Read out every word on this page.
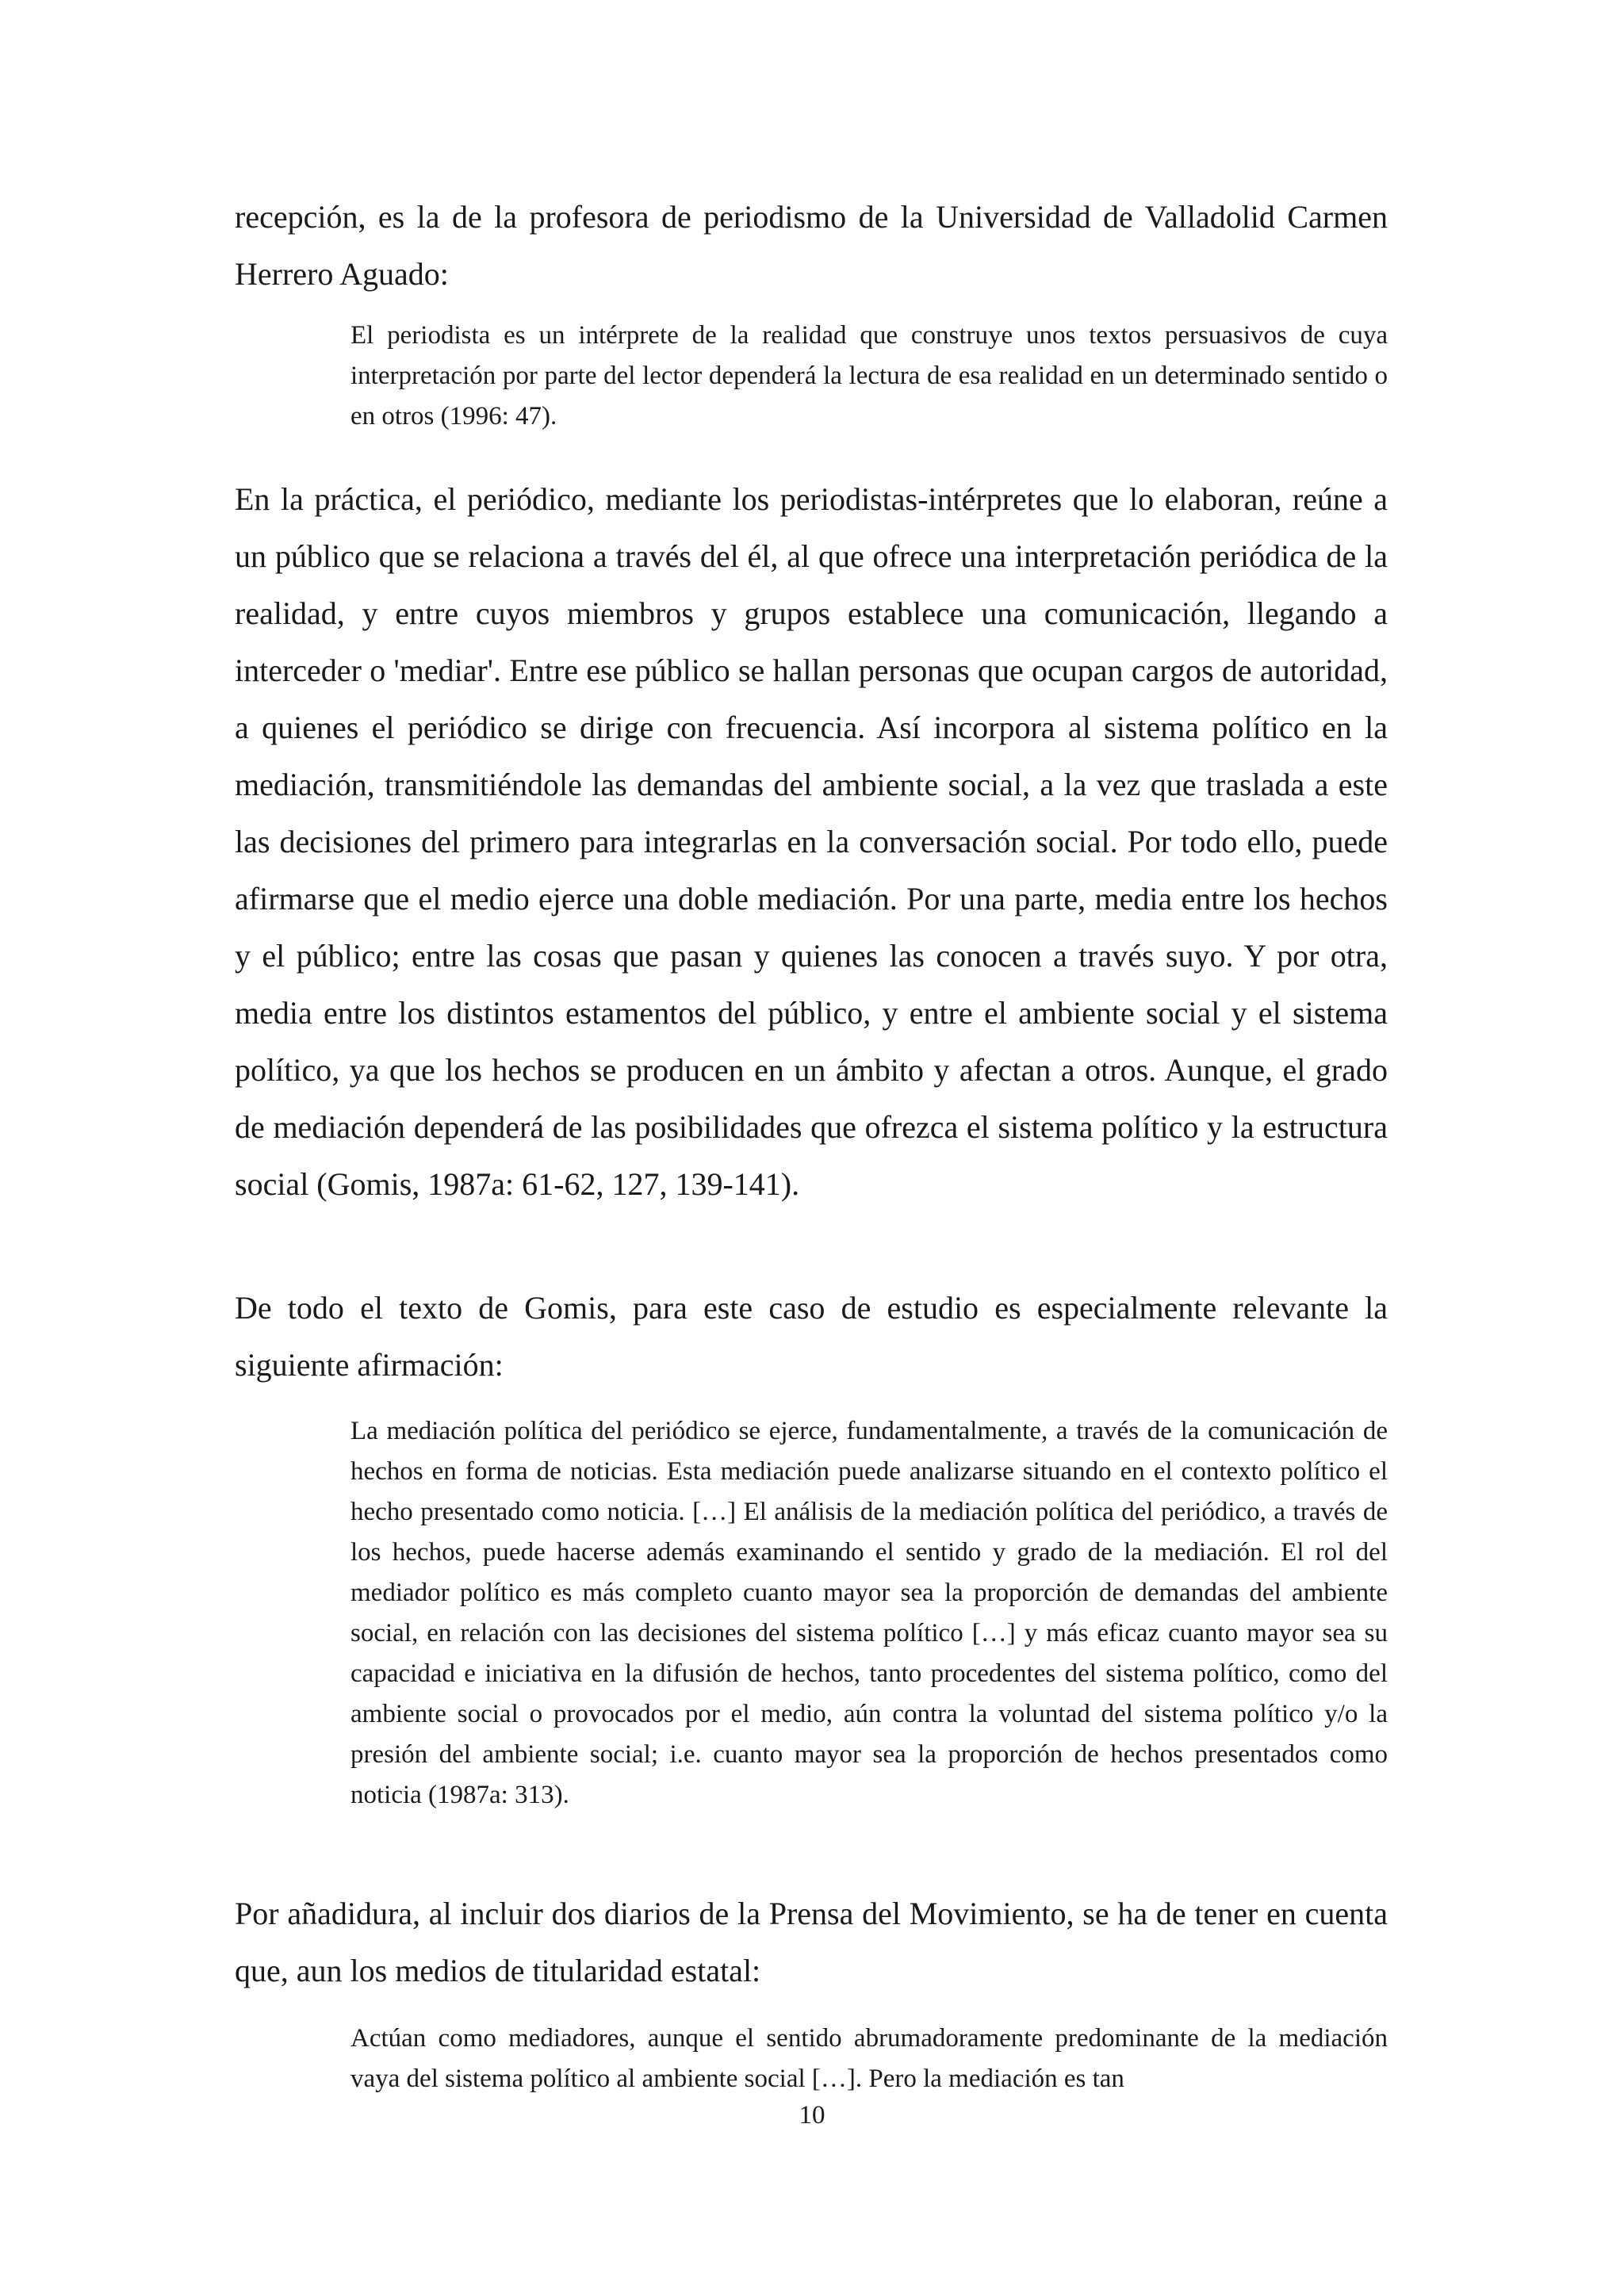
recepción, es la de la profesora de periodismo de la Universidad de Valladolid Carmen Herrero Aguado:

El periodista es un intérprete de la realidad que construye unos textos persuasivos de cuya interpretación por parte del lector dependerá la lectura de esa realidad en un determinado sentido o en otros (1996: 47).

En la práctica, el periódico, mediante los periodistas-intérpretes que lo elaboran, reúne a un público que se relaciona a través del él, al que ofrece una interpretación periódica de la realidad, y entre cuyos miembros y grupos establece una comunicación, llegando a interceder o 'mediar'. Entre ese público se hallan personas que ocupan cargos de autoridad, a quienes el periódico se dirige con frecuencia. Así incorpora al sistema político en la mediación, transmitiéndole las demandas del ambiente social, a la vez que traslada a este las decisiones del primero para integrarlas en la conversación social. Por todo ello, puede afirmarse que el medio ejerce una doble mediación. Por una parte, media entre los hechos y el público; entre las cosas que pasan y quienes las conocen a través suyo. Y por otra, media entre los distintos estamentos del público, y entre el ambiente social y el sistema político, ya que los hechos se producen en un ámbito y afectan a otros. Aunque, el grado de mediación dependerá de las posibilidades que ofrezca el sistema político y la estructura social (Gomis, 1987a: 61-62, 127, 139-141).

De todo el texto de Gomis, para este caso de estudio es especialmente relevante la siguiente afirmación:

La mediación política del periódico se ejerce, fundamentalmente, a través de la comunicación de hechos en forma de noticias. Esta mediación puede analizarse situando en el contexto político el hecho presentado como noticia. […] El análisis de la mediación política del periódico, a través de los hechos, puede hacerse además examinando el sentido y grado de la mediación. El rol del mediador político es más completo cuanto mayor sea la proporción de demandas del ambiente social, en relación con las decisiones del sistema político […] y más eficaz cuanto mayor sea su capacidad e iniciativa en la difusión de hechos, tanto procedentes del sistema político, como del ambiente social o provocados por el medio, aún contra la voluntad del sistema político y/o la presión del ambiente social; i.e. cuanto mayor sea la proporción de hechos presentados como noticia (1987a: 313).

Por añadidura, al incluir dos diarios de la Prensa del Movimiento, se ha de tener en cuenta que, aun los medios de titularidad estatal:

Actúan como mediadores, aunque el sentido abrumadoramente predominante de la mediación vaya del sistema político al ambiente social […]. Pero la mediación es tan

10
